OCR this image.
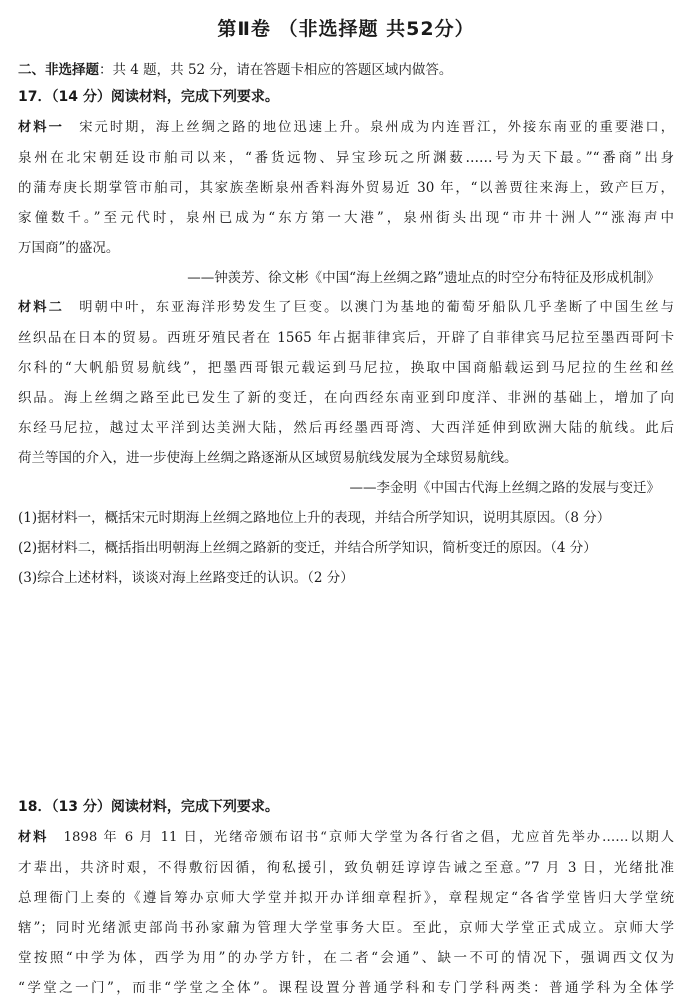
第Ⅱ卷 （非选择题 共52分）
二、非选择题：共 4 题，共 52 分，请在答题卡相应的答题区域内做答。
17．（14 分）阅读材料，完成下列要求。
材料一　 宋元时期，海上丝绸之路的地位迅速上升。泉州成为内连晋江，外接东南亚的重要港口，
泉州在北宋朝廷设市舶司以来，“番货远物、异宝珍玩之所渊薮……号为天下最。”“番商”出身
的蒲寿庚长期掌管市舶司，其家族垄断泉州香料海外贸易近 30 年，“以善贾往来海上，致产巨万，
家僮数千。”至元代时，泉州已成为“东方第一大港”，泉州街头出现“市井十洲人”“涨海声中
万国商”的盛况。
——钟羡芳、徐文彬《中国“海上丝绸之路”遗址点的时空分布特征及形成机制》
材料二　 明朝中叶，东亚海洋形势发生了巨变。以澳门为基地的葡萄牙船队几乎垄断了中国生丝与
丝织品在日本的贸易。西班牙殖民者在 1565 年占据菲律宾后，开辟了自菲律宾马尼拉至墨西哥阿卡
尔科的“大帆船贸易航线”，把墨西哥银元载运到马尼拉，换取中国商船载运到马尼拉的生丝和丝
织品。海上丝绸之路至此已发生了新的变迁，在向西经东南亚到印度洋、非洲的基础上，增加了向
东经马尼拉，越过太平洋到达美洲大陆，然后再经墨西哥湾、大西洋延伸到欧洲大陆的航线。此后
荷兰等国的介入，进一步使海上丝绸之路逐渐从区域贸易航线发展为全球贸易航线。
——李金明《中国古代海上丝绸之路的发展与变迁》
(1)据材料一，概括宋元时期海上丝绸之路地位上升的表现，并结合所学知识，说明其原因。（8 分）
(2)据材料二，概括指出明朝海上丝绸之路新的变迁，并结合所学知识，简析变迁的原因。（4 分）
(3)综合上述材料，谈谈对海上丝路变迁的认识。（2 分）
18．（13 分）阅读材料，完成下列要求。
材料　 1898 年 6 月 11 日，光绪帝颁布诏书“京师大学堂为各行省之倡，尤应首先举办……以期人
才辈出，共济时艰，不得敷衍因循，徇私援引，致负朝廷谆谆告诫之至意。”7 月 3 日，光绪批准
总理衙门上奏的《遵旨筹办京师大学堂并拟开办详细章程折》，章程规定“各省学堂皆归大学堂统
辖”；同时光绪派吏部尚书孙家鼐为管理大学堂事务大臣。至此，京师大学堂正式成立。京师大学
堂按照“中学为体，西学为用”的办学方针，在二者“会通”、缺一不可的情况下，强调西文仅为
“学堂之一门”，而非“学堂之全体”。课程设置分普通学科和专门学科两类：普通学科为全体学
